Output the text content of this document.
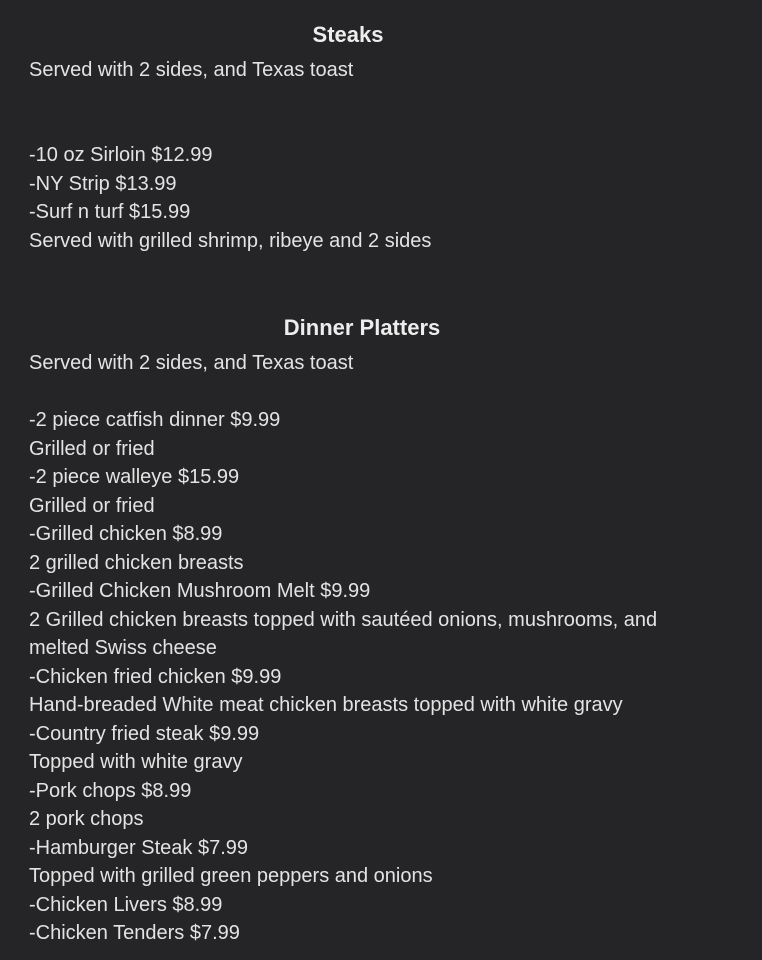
Steaks
Served with 2 sides, and Texas toast
-10 oz Sirloin $12.99
-NY Strip $13.99
-Surf n turf $15.99
Served with grilled shrimp, ribeye and 2 sides
Dinner Platters
Served with 2 sides, and Texas toast
-2 piece catfish dinner $9.99
Grilled or fried
-2 piece walleye $15.99
Grilled or fried
-Grilled chicken $8.99
2 grilled chicken breasts
-Grilled Chicken Mushroom Melt $9.99
2 Grilled chicken breasts topped with sautéed onions, mushrooms, and
melted Swiss cheese
-Chicken fried chicken $9.99
Hand-breaded White meat chicken breasts topped with white gravy
-Country fried steak $9.99
Topped with white gravy
-Pork chops $8.99
2 pork chops
-Hamburger Steak $7.99
Topped with grilled green peppers and onions
-Chicken Livers $8.99
-Chicken Tenders $7.99
